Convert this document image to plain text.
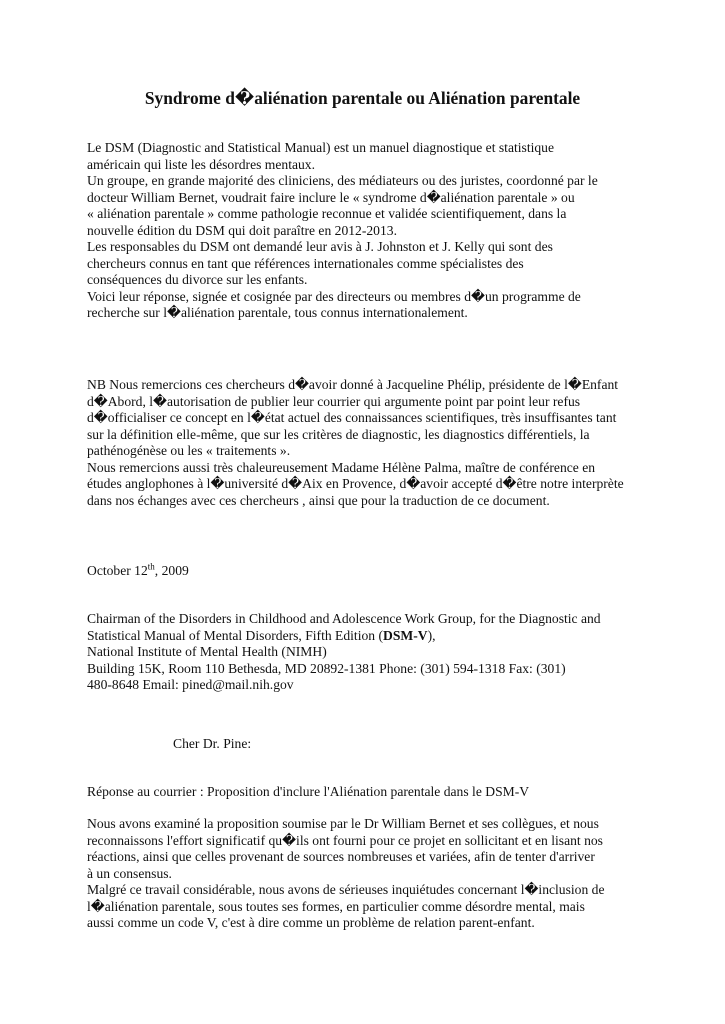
Syndrome d�aliénation parentale ou Aliénation parentale

Le DSM (Diagnostic and Statistical Manual) est un manuel diagnostique et statistique

américain qui liste les désordres mentaux.

Un groupe, en grande majorité des cliniciens, des médiateurs ou des juristes, coordonné par le

docteur William Bernet, voudrait faire inclure le « syndrome d�aliénation parentale » ou

« aliénation parentale » comme pathologie reconnue et validée scientifiquement, dans la

nouvelle édition du DSM qui doit paraître en 2012-2013.

Les responsables du DSM ont demandé leur avis à J. Johnston et J. Kelly qui sont des

chercheurs connus en tant que références internationales comme spécialistes des

conséquences du divorce sur les enfants.

Voici leur réponse, signée et cosignée par des directeurs ou membres d�un programme de

recherche sur l�aliénation parentale, tous connus internationalement.

NB Nous remercions ces chercheurs d�avoir donné à Jacqueline Phélip, présidente de l�Enfant

d�Abord, l�autorisation de publier leur courrier qui argumente point par point leur refus

d�officialiser ce concept en l�état actuel des connaissances scientifiques, très insuffisantes tant

sur la définition elle-même, que sur les critères de diagnostic, les diagnostics différentiels, la

pathénogénèse ou les « traitements ».

Nous remercions aussi très chaleureusement Madame Hélène Palma, maître de conférence en

études anglophones à l�université d�Aix en Provence, d�avoir accepté d�être notre interprète

dans nos échanges avec ces chercheurs , ainsi que pour la traduction de ce document.

October 12th, 2009

Chairman of the Disorders in Childhood and Adolescence Work Group, for the Diagnostic and

Statistical Manual of Mental Disorders, Fifth Edition (DSM-V),

National Institute of Mental Health (NIMH)

Building 15K, Room 110 Bethesda, MD 20892-1381 Phone: (301) 594-1318 Fax: (301)

480-8648 Email: pined@mail.nih.gov

Cher Dr. Pine:

Réponse au courrier : Proposition d'inclure l'Aliénation parentale dans le DSM-V

Nous avons examiné la proposition soumise par le Dr William Bernet et ses collègues, et nous

reconnaissons l'effort significatif qu�ils ont fourni pour ce projet en sollicitant et en lisant nos

réactions, ainsi que celles provenant de sources nombreuses et variées, afin de tenter d'arriver

à un consensus.

Malgré ce travail considérable, nous avons de sérieuses inquiétudes concernant l�inclusion de

l�aliénation parentale, sous toutes ses formes, en particulier comme désordre mental, mais

aussi comme un code V, c'est à dire comme un problème de relation parent-enfant.
